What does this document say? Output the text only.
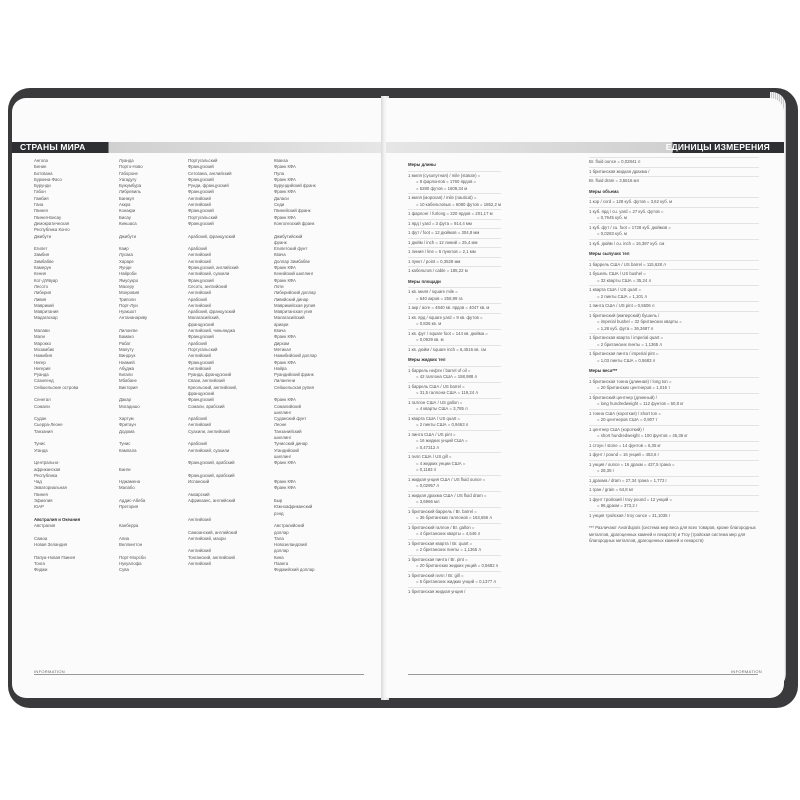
СТРАНЫ МИРА
Ангола
Бенин
Ботсвана
Буркина-Фасо
Бурунди
Габон
Гамбия
Гана
Гвинея
Гвинея-Бисау
Демократическая
Республика Конго
Джибути
Египет
Замбия
Зимбабве
Камерун
Кения
Кот-д'Ивуар
Лесото
Либерия
Ливия
Маврикий
Мавритания
Мадагаскар
Малави
Мали
Марокко
Мозамбик
Намибия
Нигер
Нигерия
Руанда
Сазиленд
Сейшельские острова
Сенегал
Сомали
Судан
Сьерра-Леоне
Танзания
Тунис
Уганда
Центрально-
африканская
Республика
Чад
Экваториальная
Гвинея
Эфиопия
ЮАР
Австралия и Океания
Австралия
Самоа
Новая Зеландия
Папуа-Новая Гвинея
Тонга
Фиджи
Луанда
Порто-Ново
Габороне
Уагадугу
Бужумбура
Либревиль
Банжул
Аккра
Конакри
Бисау
Киншаса
Джибути
Каир
Лусака
Хараре
Яунде
Найроби
Ямусукро
Масеру
Монровия
Триполи
Порт-Луи
Нуакшот
Антананариву
Лилонгве
Бамако
Рабат
Мапуту
Виндхук
Ниамей
Абуджа
Кигали
Мбабане
Виктория
Дакар
Могадишо
Хартум
Фритаун
Додома
Тунис
Кампала
Банги
Нджамена
Малабо
Аддис-Абеба
Претория
Канберра
Апиа
Веллингтон
Порт-Морсби
Нукуалофа
Сува
Португальский
Французский
Сетсвана, английский
Французский
Рунди, французский
Французский
Английский
Английский
Французский
Португальский
Французский
Арабский, французский
Арабский
Английский
Английский
Французский, английский
Английский, суахили
Французский
Сесото, английский
Английский
Арабский
Английский
Арабский, французский
Малагасийский,
французский
Английский, чиньянджа
Французский
Арабский
Португальский
Английский
Французский
Английский
Руанда, французский
Свази, английский
Креольский, английский,
французский
Французский
Сомали, арабский
Арабский
Английский
Суахили, английский
Арабский
Английский, суахили
Французский, арабский
Французский, арабский
Испанский
Амхарский
Африкаанс, английский
Английский
Самоанский, английский
Английский, маори
Английский
Тонганский, английский
Английский
Кванза
Франк КФА
Пула
Франк КФА
Бурундийский франк
Франк КФА
Даласи
Седи
Гвинейский франк
Франк КФА
Конголезский франк
Джибутийский
франк
Египетский фунт
Квача
Доллар Зимбабве
Франк КФА
Кенийский шиллинг
Франк КФА
Лоти
Либерийский доллар
Ливийский динар
Маврикийская рупия
Мавританская угия
Малагасийский
ариари
Квача
Франк КФА
Дирхам
Метикал
Намибийский доллар
Франк КФА
Найра
Руандийский франк
Лилангени
Сейшельская рупия
Франк КФА
Сомалийский
шиллинг
Суданский фунт
Леоне
Танзанийский
шиллинг
Тунисский динар
Угандийский
шиллинг
Франк КФА
Франк КФА
Франк КФА
Быр
Южноафриканский
рэнд
Австралийский
доллар
Тала
Новозеландский
доллар
Кина
Паанга
Фиджийский доллар
INFORMATION
ЕДИНИЦЫ ИЗМЕРЕНИЯ
Меры длины
1 миля (сухопутная) / mile (statute) =
= 8 фарлонгов = 1760 ярдов =
= 5280 футов = 1609,34 м
1 миля (морская) / mile (nautical) =
= 10 кабельтовых = 6080 футов = 1852,2 м
1 фарлонг / furlong = 220 ярдов = 201,17 м
1 ярд / yard = 3 фута = 914,4 мм
1 фут / foot = 12 дюймов = 304,8 мм
1 дюйм / inch = 12 линий = 25,4 мм
1 линия / line = 6 пунктов = 2,1 мм
1 пункт / point = 0,3528 мм
1 кабельтов / cable = 185,22 м
Меры площади
1 кв. миля / square mile =
= 640 акров = 258,99 га
1 акр / acre = 4840 кв. ярдов = 4047 кв. м
1 кв. ярд / square yard = 9 кв. футов =
= 0,836 кв. м
1 кв. фут / square foot = 144 кв. дюйма =
= 0,0929 кв. м
1 кв. дюйм / square inch = 6,4516 кв. см
Меры жидких тел
1 баррель нефти / barrel of oil =
= 42 галлона США = 158,988 л
1 баррель США / US barrel =
= 31,5 галлона США = 119,24 л
1 галлон США / US gallon =
= 4 кварты США = 3,785 л
1 кварта США / US quart =
= 2 пинты США = 0,9463 л
1 пинта США / US pint =
= 16 жидких унций США =
= 0,47312 л
1 гилл США / US gill =
= 4 жидких унции США =
= 0,1183 л
1 жидкая унция США / US fluid ounce =
= 0,02957 л
1 жидкая драхма США / US fluid dram =
= 3,6966 мл
1 британский баррель / Br. barrel =
= 36 британских галлонов = 163,656 л
1 британский галлон / Br. gallon =
= 4 британских кварты = 4,546 л
1 британская кварта / Br. quart =
= 2 британских пинты = 1,1365 л
1 британская пинта / Br. pint =
= 20 британских жидких унций = 0,5682 л
1 британский гилл / Br. gill =
= 5 британских жидких унций = 0,1377 л
1 британская жидкая унция /
Br. fluid ounce = 0,02841 л
1 британская жидкая драхма /
Br. fluid dram = 3,5516 мл
Меры объема
1 кор / cord = 128 куб. футов = 3,62 куб. м
1 куб. ярд / cu. yard = 27 куб. футов =
= 0,7645 куб. м
1 куб. фут / cu. foot = 1728 куб. дюймов =
= 0,0283 куб. м
1 куб. дюйм / cu. inch = 16,387 куб. см
Меры сыпучих тел
1 баррель США / US barrel = 115,628 л
1 бушель США / US bushel =
= 32 кварты США = 35,24 л
1 кварта США / US quart =
= 2 пинты США = 1,101 л
1 пинта США / US pint = 0,5506 л
1 британский (имперский) бушель /
= imperial bushel = 32 британских кварты =
= 1,28 куб. фута = 36,3687 л
1 британская кварта / imperial quart =
= 2 британских пинты = 1,1365 л
1 британская пинта / imperial pint =
= 1,03 пинты США = 0,5683 л
Меры веса***
1 британская тонна (длинная) / long ton =
= 20 британских центнеров = 1,016 т
1 британский центнер (длинный) /
= long hundredweight = 112 фунтов = 50,8 кг
1 тонна США (короткая) / short ton =
= 20 центнеров США = 0,907 т
1 центнер США (короткий) /
= short hundredweight = 100 фунтов = 45,36 кг
1 стоун / stone = 14 фунтов = 6,35 кг
1 фунт / pound = 16 унций = 453,6 г
1 унция / ounce = 16 драхм = 437,5 грана =
= 28,35 г
1 драхма / dram = 27,34 грана = 1,772 г
1 гран / grain = 64,8 мг
1 фунт тройский / troy pound = 12 унций =
= 96 драхм = 373,2 г
1 унция тройская / troy ounce = 31,1035 г
*** Различают Avoirdupois (система мер веса для всех товаров, кроме благородных металлов, драгоценных камней и лекарств) и Troy (тройская система мер для благородных металлов, драгоценных камней и лекарств)
INFORMATION
